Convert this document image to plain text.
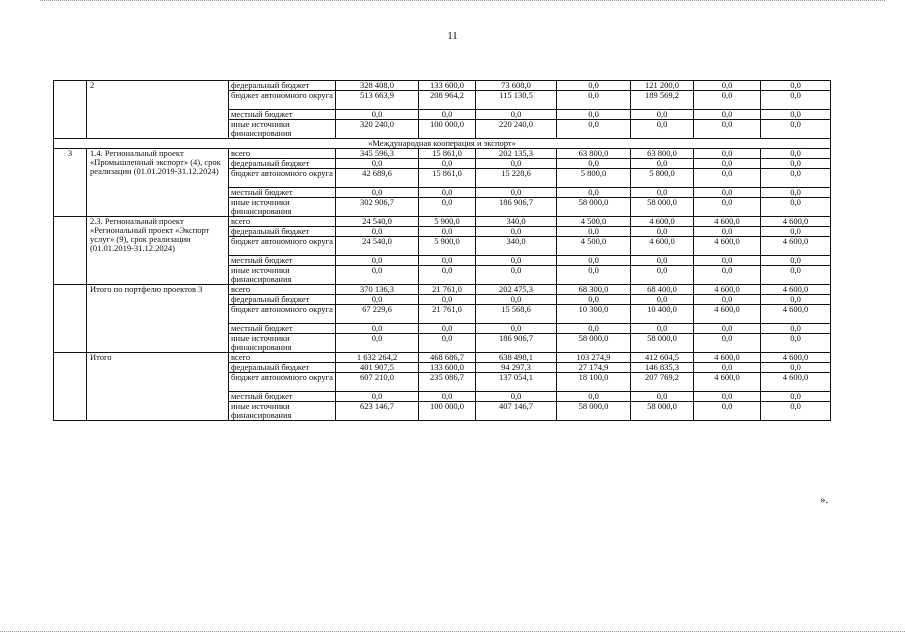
11
	2	федеральный бюджет	328 408,0	133 600,0	73 608,0	0,0	121 200,0	0,0	0,0
		бюджет автономного округа	513 663,9	208 964,2	115 130,5	0,0	189 569,2	0,0	0,0
		местный бюджет	0,0	0,0	0,0	0,0	0,0	0,0	0,0
		иные источники финансирования	320 240,0	100 000,0	220 240,0	0,0	0,0	0,0	0,0
«Международная кооперация и экспорт»									
3	1.4. Региональный проект «Промышленный экспорт» (4), срок реализации (01.01.2019-31.12.2024)	всего	345 596,3	15 861,0	202 135,3	63 800,0	63 800,0	0,0	0,0
		федеральный бюджет	0,0	0,0	0,0	0,0	0,0	0,0	0,0
		бюджет автономного округа	42 689,6	15 861,0	15 228,6	5 800,0	5 800,0	0,0	0,0
		местный бюджет	0,0	0,0	0,0	0,0	0,0	0,0	0,0
		иные источники финансирования	302 906,7	0,0	186 906,7	58 000,0	58 000,0	0,0	0,0
	2.3. Региональный проект «Региональный проект «Экспорт услуг» (9), срок реализации (01.01.2019-31.12.2024)	всего	24 540,0	5 900,0	340,0	4 500,0	4 600,0	4 600,0	4 600,0
		федеральный бюджет	0,0	0,0	0,0	0,0	0,0	0,0	0,0
		бюджет автономного округа	24 540,0	5 900,0	340,0	4 500,0	4 600,0	4 600,0	4 600,0
		местный бюджет	0,0	0,0	0,0	0,0	0,0	0,0	0,0
		иные источники финансирования	0,0	0,0	0,0	0,0	0,0	0,0	0,0
	Итого по портфелю проектов 3	всего	370 136,3	21 761,0	202 475,3	68 300,0	68 400,0	4 600,0	4 600,0
		федеральный бюджет	0,0	0,0	0,0	0,0	0,0	0,0	0,0
		бюджет автономного округа	67 229,6	21 761,0	15 568,6	10 300,0	10 400,0	4 600,0	4 600,0
		местный бюджет	0,0	0,0	0,0	0,0	0,0	0,0	0,0
		иные источники финансирования	0,0	0,0	186 906,7	58 000,0	58 000,0	0,0	0,0
	Итого	всего	1 632 264,2	468 686,7	638 498,1	103 274,9	412 604,5	4 600,0	4 600,0
		федеральный бюджет	401 907,5	133 600,0	94 297,3	27 174,9	146 835,3	0,0	0,0
		бюджет автономного округа	607 210,0	235 086,7	137 054,1	18 100,0	207 769,2	4 600,0	4 600,0
		местный бюджет	0,0	0,0	0,0	0,0	0,0	0,0	0,0
		иные источники финансирования	623 146,7	100 000,0	407 146,7	58 000,0	58 000,0	0,0	0,0
».
